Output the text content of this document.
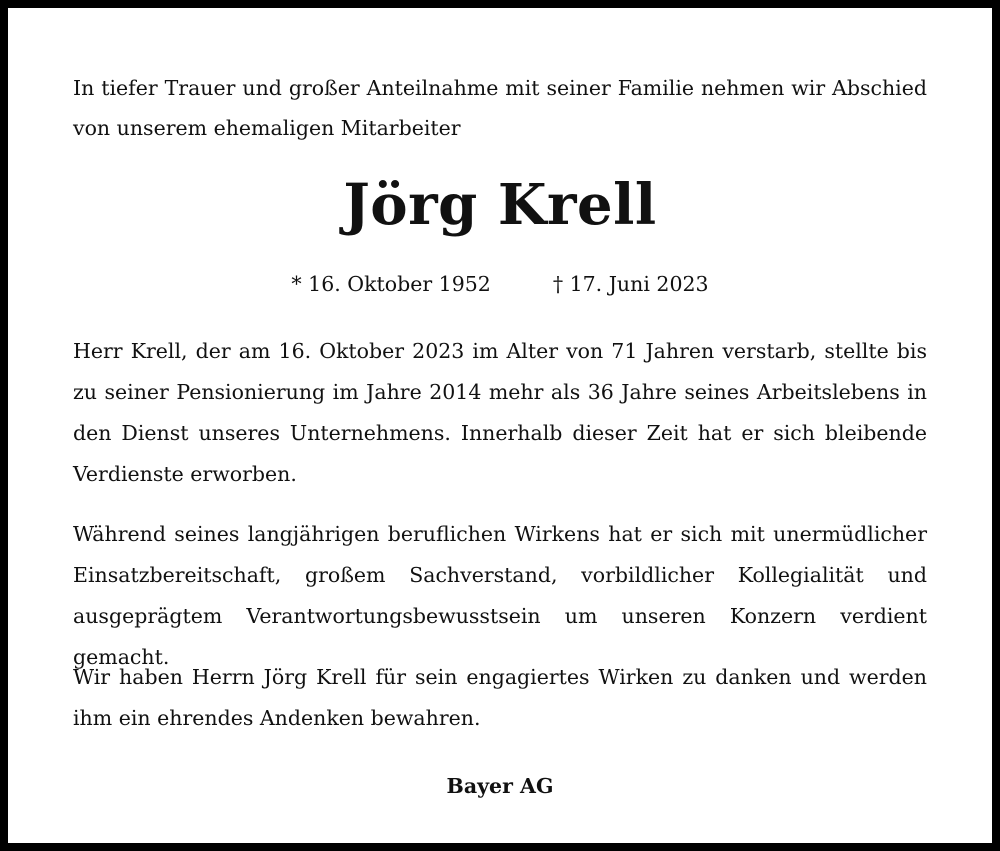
In tiefer Trauer und großer Anteilnahme mit seiner Familie nehmen wir Abschied von unserem ehemaligen Mitarbeiter

Jörg Krell
* 16. Oktober 1952	† 17. Juni 2023

Herr Krell, der am 16. Oktober 2023 im Alter von 71 Jahren verstarb, stellte bis zu seiner Pensionierung im Jahre 2014 mehr als 36 Jahre seines Arbeitslebens in den Dienst unseres Unternehmens. Innerhalb dieser Zeit hat er sich bleibende Verdienste erworben.

Während seines langjährigen beruflichen Wirkens hat er sich mit unermüdlicher Einsatzbereitschaft, großem Sachverstand, vorbildlicher Kollegialität und ausgeprägtem Verantwortungsbewusstsein um unseren Konzern verdient gemacht.

Wir haben Herrn Jörg Krell für sein engagiertes Wirken zu danken und werden ihm ein ehrendes Andenken bewahren.

Bayer AG
